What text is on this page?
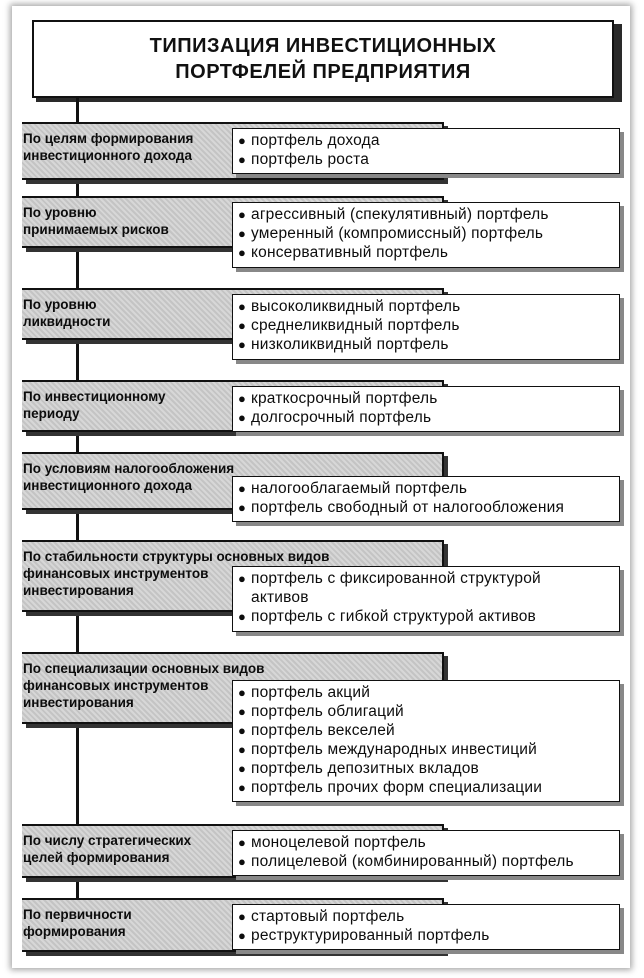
ТИПИЗАЦИЯ ИНВЕСТИЦИОННЫХ
ПОРТФЕЛЕЙ ПРЕДПРИЯТИЯ
По целям формирования
инвестиционного дохода
● портфель дохода
● портфель роста
По уровню
принимаемых рисков
● агрессивный (спекулятивный) портфель
● умеренный (компромиссный) портфель
● консервативный портфель
По уровню
ликвидности
● высоколиквидный портфель
● среднеликвидный портфель
● низколиквидный портфель
По инвестиционному
периоду
● краткосрочный портфель
● долгосрочный портфель
По условиям налогообложения
инвестиционного дохода	● налогооблагаемый портфель
● портфель свободный от налогообложения
По стабильности структуры основных видов
финансовых инструментов
инвестирования
● портфель с фиксированной структурой
активов
● портфель с гибкой структурой активов
По специализации основных видов
финансовых инструментов
инвестирования
● портфель акций
● портфель облигаций
● портфель векселей
● портфель международных инвестиций
● портфель депозитных вкладов
● портфель прочих форм специализации
По числу стратегических
целей формирования
● моноцелевой портфель
● полицелевой (комбинированный) портфель
По первичности
формирования
● стартовый портфель
● реструктурированный портфель
